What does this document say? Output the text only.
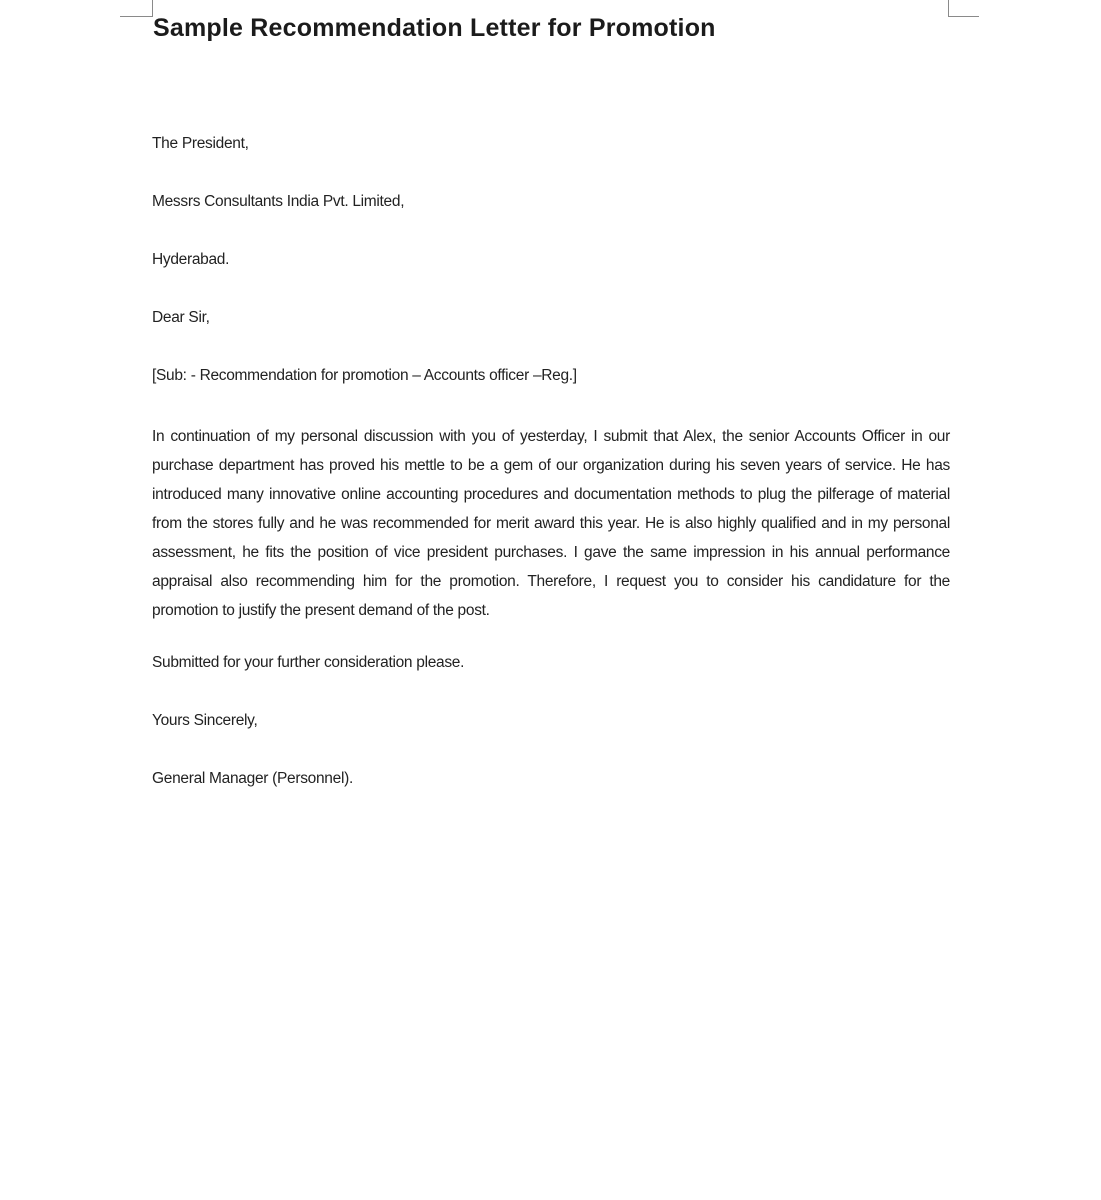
Sample Recommendation Letter for Promotion
The President,
Messrs Consultants India Pvt. Limited,
Hyderabad.
Dear Sir,
[Sub: - Recommendation for promotion – Accounts officer –Reg.]
In continuation of my personal discussion with you of yesterday, I submit that Alex, the senior Accounts Officer in our purchase department has proved his mettle to be a gem of our organization during his seven years of service. He has introduced many innovative online accounting procedures and documentation methods to plug the pilferage of material from the stores fully and he was recommended for merit award this year. He is also highly qualified and in my personal assessment, he fits the position of vice president purchases. I gave the same impression in his annual performance appraisal also recommending him for the promotion. Therefore, I request you to consider his candidature for the promotion to justify the present demand of the post.
Submitted for your further consideration please.
Yours Sincerely,
General Manager (Personnel).
